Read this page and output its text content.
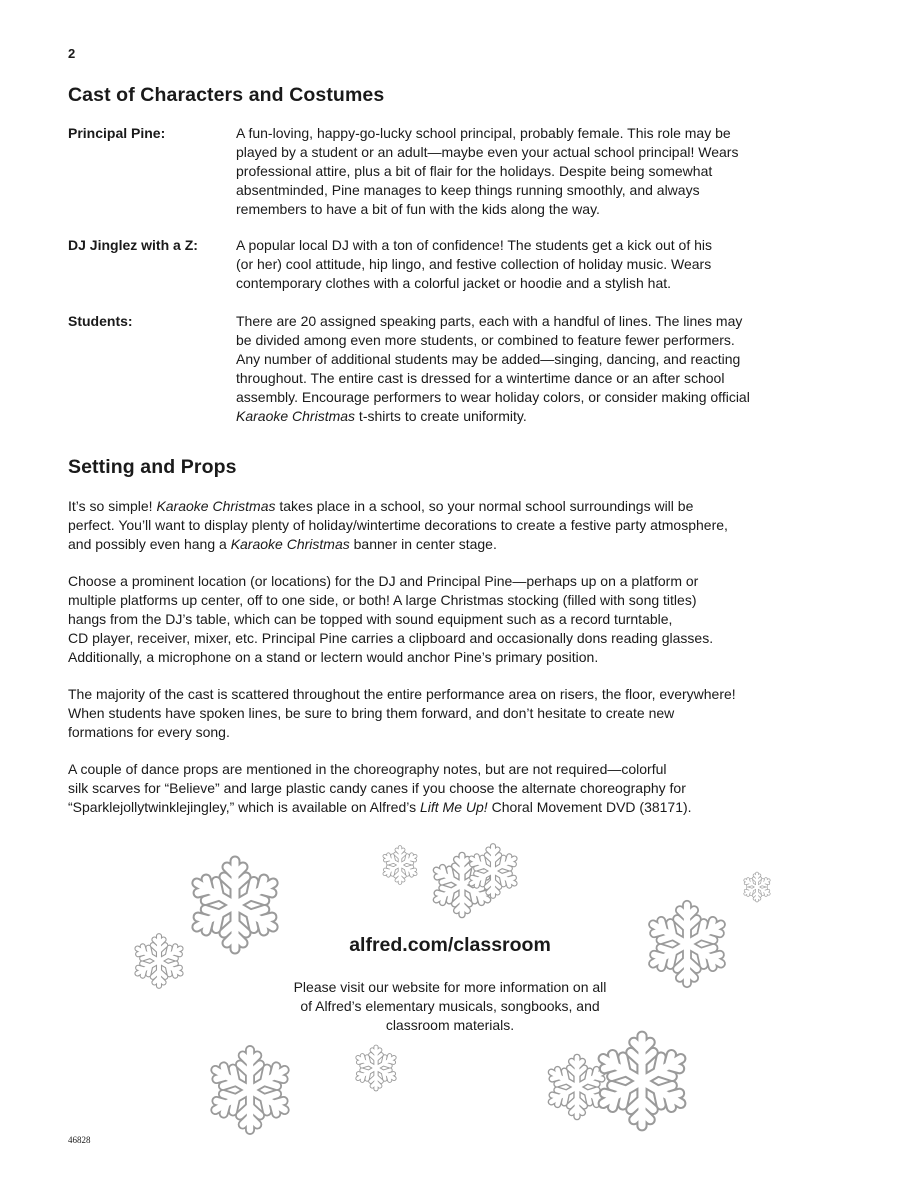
2
Cast of Characters and Costumes
Principal Pine:	A fun-loving, happy-go-lucky school principal, probably female. This role may be
played by a student or an adult—maybe even your actual school principal! Wears
professional attire, plus a bit of flair for the holidays. Despite being somewhat
absentminded, Pine manages to keep things running smoothly, and always
remembers to have a bit of fun with the kids along the way.
DJ Jinglez with a Z:	A popular local DJ with a ton of confidence! The students get a kick out of his
(or her) cool attitude, hip lingo, and festive collection of holiday music. Wears
contemporary clothes with a colorful jacket or hoodie and a stylish hat.
Students:	There are 20 assigned speaking parts, each with a handful of lines. The lines may
be divided among even more students, or combined to feature fewer performers.
Any number of additional students may be added—singing, dancing, and reacting
throughout. The entire cast is dressed for a wintertime dance or an after school
assembly. Encourage performers to wear holiday colors, or consider making official
Karaoke Christmas t-shirts to create uniformity.
Setting and Props

It’s so simple! Karaoke Christmas takes place in a school, so your normal school surroundings will be
perfect. You’ll want to display plenty of holiday/wintertime decorations to create a festive party atmosphere,
and possibly even hang a Karaoke Christmas banner in center stage.

Choose a prominent location (or locations) for the DJ and Principal Pine—perhaps up on a platform or
multiple platforms up center, off to one side, or both! A large Christmas stocking (filled with song titles)
hangs from the DJ’s table, which can be topped with sound equipment such as a record turntable,
CD player, receiver, mixer, etc. Principal Pine carries a clipboard and occasionally dons reading glasses.
Additionally, a microphone on a stand or lectern would anchor Pine’s primary position.

The majority of the cast is scattered throughout the entire performance area on risers, the floor, everywhere!
When students have spoken lines, be sure to bring them forward, and don’t hesitate to create new
formations for every song.

A couple of dance props are mentioned in the choreography notes, but are not required—colorful
silk scarves for “Believe” and large plastic candy canes if you choose the alternate choreography for
“Sparklejollytwinklejingley,” which is available on Alfred’s Lift Me Up! Choral Movement DVD (38171).

alfred.com/classroom
Please visit our website for more information on all
of Alfred’s elementary musicals, songbooks, and
classroom materials.
46828
